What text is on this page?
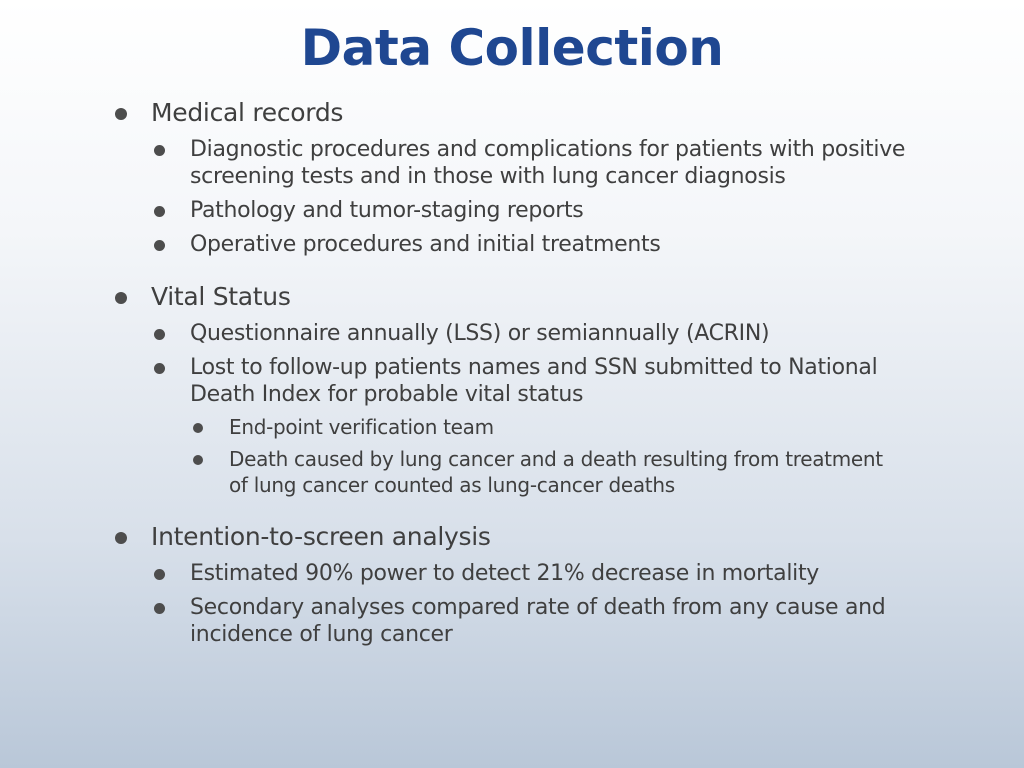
Data Collection
Medical records
Diagnostic procedures and complications for patients with positive screening tests and in those with lung cancer diagnosis
Pathology and tumor-staging reports
Operative procedures and initial treatments
Vital Status
Questionnaire annually (LSS) or semiannually (ACRIN)
Lost to follow-up patients names and SSN submitted to National Death Index for probable vital status
End-point verification team
Death caused by lung cancer and a death resulting from treatment of lung cancer counted as lung-cancer deaths
Intention-to-screen analysis
Estimated 90% power to detect 21% decrease in mortality
Secondary analyses compared rate of death from any cause and incidence of lung cancer
